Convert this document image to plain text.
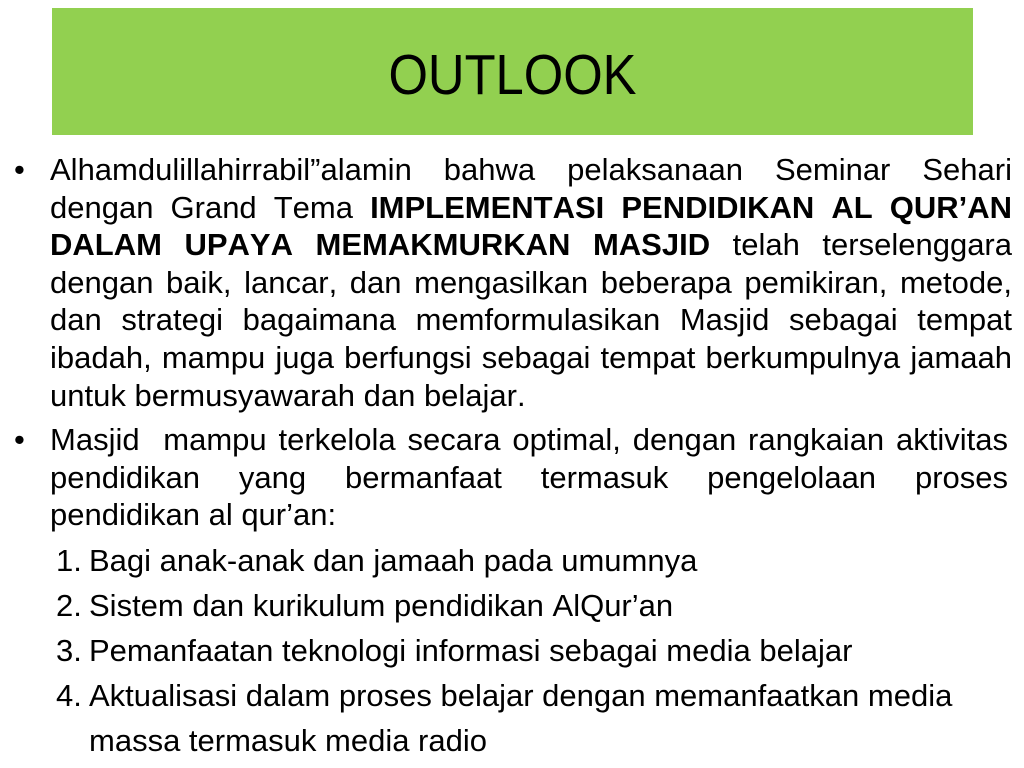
OUTLOOK
• Alhamdulillahirrabil”alamin bahwa pelaksanaan Seminar Sehari dengan Grand Tema IMPLEMENTASI PENDIDIKAN AL QUR’AN DALAM UPAYA MEMAKMURKAN MASJID telah terselenggara dengan baik, lancar, dan mengasilkan beberapa pemikiran, metode, dan strategi bagaimana memformulasikan Masjid sebagai tempat ibadah, mampu juga berfungsi sebagai tempat berkumpulnya jamaah untuk bermusyawarah dan belajar.

• Masjid  mampu terkelola secara optimal, dengan rangkaian aktivitas pendidikan yang bermanfaat termasuk pengelolaan proses pendidikan al qur’an:

1. Bagi anak-anak dan jamaah pada umumnya
2. Sistem dan kurikulum pendidikan AlQur’an
3. Pemanfaatan teknologi informasi sebagai media belajar
4. Aktualisasi dalam proses belajar dengan memanfaatkan media massa termasuk media radio
